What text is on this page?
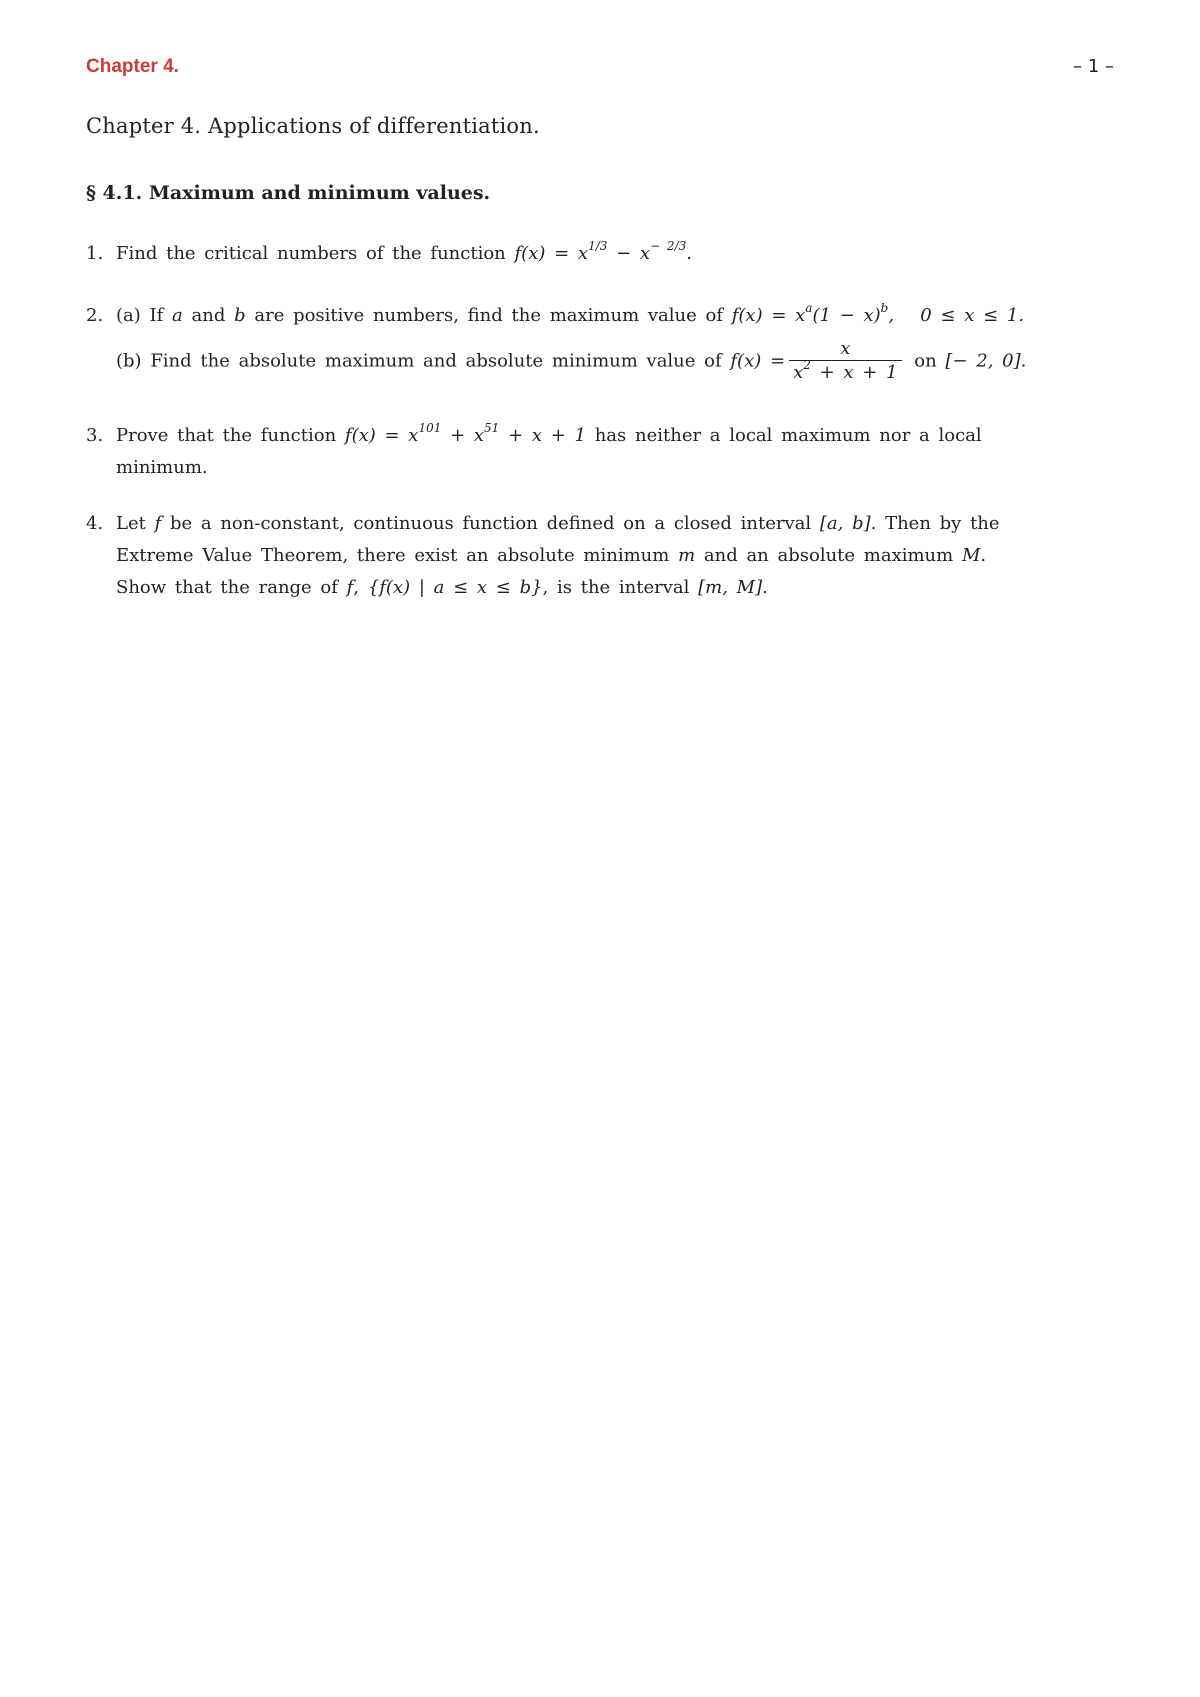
Chapter 4.	– 1 –
Chapter 4. Applications of differentiation.
§ 4.1. Maximum and minimum values.
1. Find the critical numbers of the function $f(x) = x^{1/3} - x^{- 2/3}$.
2. (a) If a and b are positive numbers, find the maximum value of $f(x) = x^a(1 - x)^b$, 0 ≤ x ≤ 1.
(b) Find the absolute maximum and absolute minimum value of $f(x) = \frac{x}{x^2 + x + 1}$ on [− 2, 0].
3. Prove that the function $f(x) = x^{101} + x^{51} + x + 1$ has neither a local maximum nor a local
minimum.
4. Let f be a non-constant, continuous function defined on a closed interval [a, b]. Then by the
Extreme Value Theorem, there exist an absolute minimum m and an absolute maximum M.
Show that the range of f, {f(x) | a ≤ x ≤ b}, is the interval [m, M].
